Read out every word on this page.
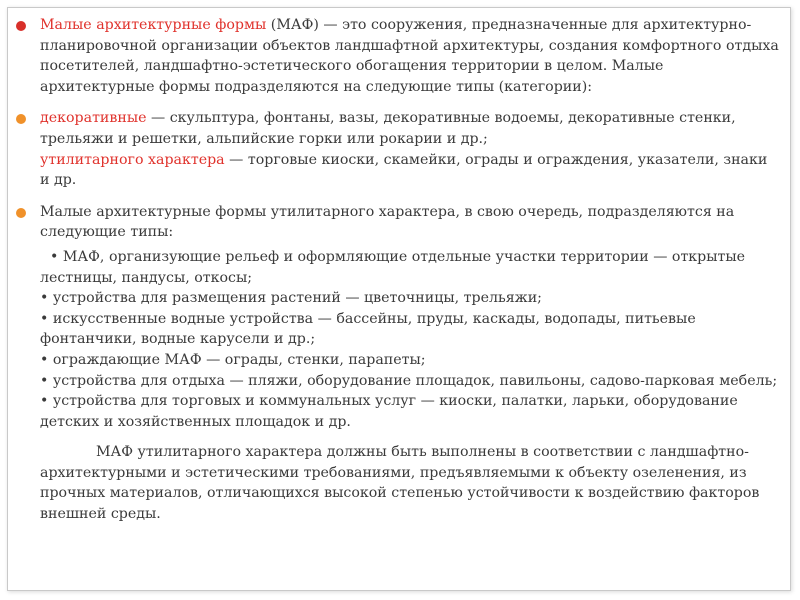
Малые архитектурные формы (МАФ) — это сооружения, предназначенные для архитектурно-планировочной организации объектов ландшафтной архитектуры, создания комфортного отдыха посетителей, ландшафтно-эстетического обогащения территории в целом. Малые архитектурные формы подразделяются на следующие типы (категории):
декоративные — скульптура, фонтаны, вазы, декоративные водоемы, декоративные стенки, трельяжи и решетки, альпийские горки или рокарии и др.;
утилитарного характера — торговые киоски, скамейки, ограды и ограждения, указатели, знаки и др.
Малые архитектурные формы утилитарного характера, в свою очередь, подразделяются на следующие типы:
• МАФ, организующие рельеф и оформляющие отдельные участки территории — открытые лестницы, пандусы, откосы;
• устройства для размещения растений — цветочницы, трельяжи;
• искусственные водные устройства — бассейны, пруды, каскады, водопады, питьевые фонтанчики, водные карусели и др.;
• ограждающие МАФ — ограды, стенки, парапеты;
• устройства для отдыха — пляжи, оборудование площадок, павильоны, садово-парковая мебель;
• устройства для торговых и коммунальных услуг — киоски, палатки, ларьки, оборудование детских и хозяйственных площадок и др.
МАФ утилитарного характера должны быть выполнены в соответствии с ландшафтно-архитектурными и эстетическими требованиями, предъявляемыми к объекту озеленения, из прочных материалов, отличающихся высокой степенью устойчивости к воздействию факторов внешней среды.
